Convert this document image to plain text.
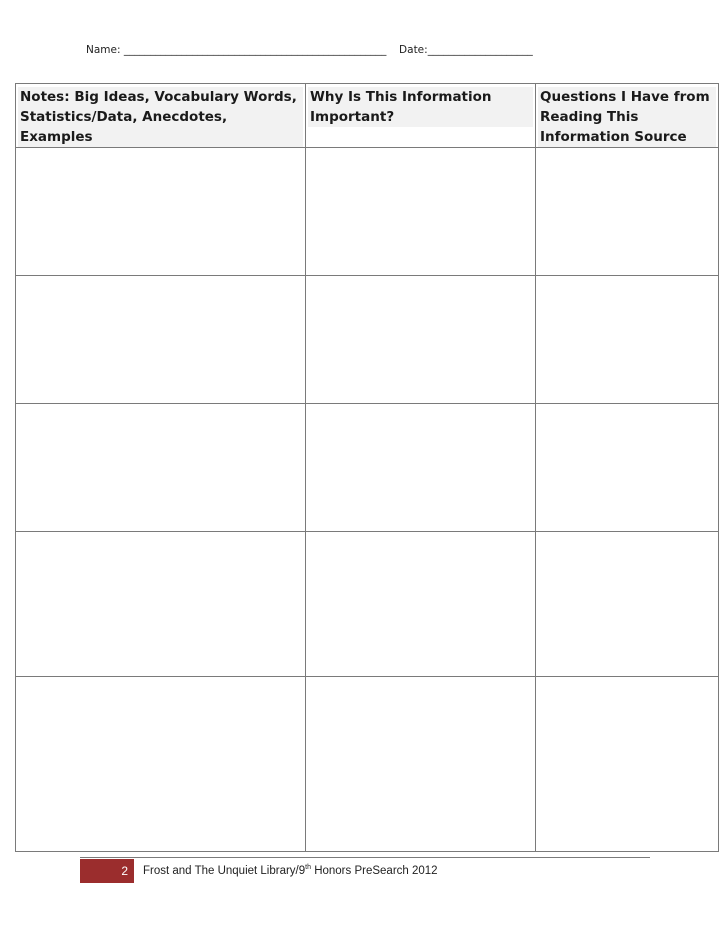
Name: __________________________________________________ Date:____________________
Notes: Big Ideas, Vocabulary Words, Statistics/Data, Anecdotes, Examples	Why Is This Information Important?	Questions I Have from Reading This Information Source

2 Frost and The Unquiet Library/9th Honors PreSearch 2012
